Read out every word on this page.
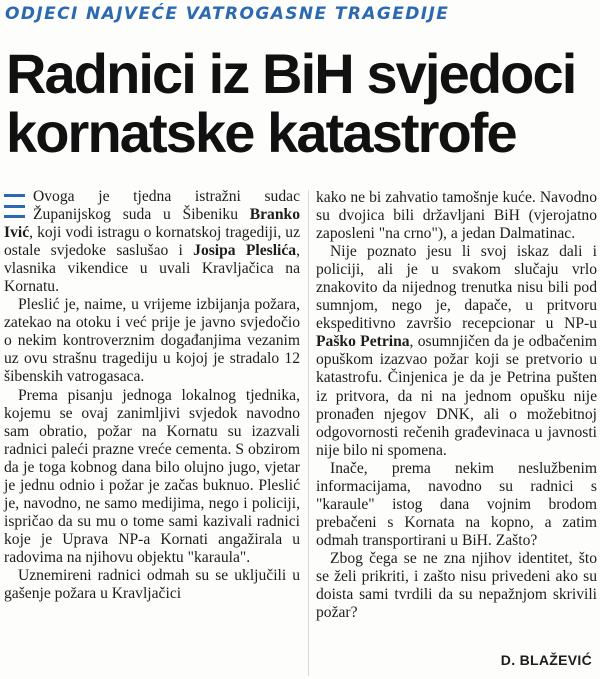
ODJECI NAJVEĆE VATROGASNE TRAGEDIJE
Radnici iz BiH svjedoci
kornatske katastrofe

Ovoga je tjedna istražni sudac Županijskog suda u Šibeniku Branko Ivić, koji vodi istragu o kornatskoj tragediji, uz ostale svjedoke saslušao i Josipa Pleslića, vlasnika vikendice u uvali Kravljačica na Kornatu.

Pleslić je, naime, u vrijeme izbijanja požara, zatekao na otoku i već prije je javno svjedočio o nekim kontroverznim događanjima vezanim uz ovu strašnu tragediju u kojoj je stradalo 12 šibenskih vatrogasaca.

Prema pisanju jednoga lokalnog tjednika, kojemu se ovaj zanimljivi svjedok navodno sam obratio, požar na Kornatu su izazvali radnici paleći prazne vreće cementa. S obzirom da je toga kobnog dana bilo olujno jugo, vjetar je jednu odnio i požar je začas buknuo. Pleslić je, navodno, ne samo medijima, nego i policiji, ispričao da su mu o tome sami kazivali radnici koje je Uprava NP-a Kornati angažirala u radovima na njihovu objektu "karaula".

Uznemireni radnici odmah su se uključili u gašenje požara u Kravljačici

kako ne bi zahvatio tamošnje kuće. Navodno su dvojica bili državljani BiH (vjerojatno zaposleni "na crno"), a jedan Dalmatinac.

Nije poznato jesu li svoj iskaz dali i policiji, ali je u svakom slučaju vrlo znakovito da nijednog trenutka nisu bili pod sumnjom, nego je, dapače, u pritvoru ekspeditivno završio recepcionar u NP-u Paško Petrina, osumnjičen da je odbačenim opuškom izazvao požar koji se pretvorio u katastrofu. Činjenica je da je Petrina pušten iz pritvora, da ni na jednom opušku nije pronađen njegov DNK, ali o možebitnoj odgovornosti rečenih građevinaca u javnosti nije bilo ni spomena.

Inače, prema nekim neslužbenim informacijama, navodno su radnici s "karaule" istog dana vojnim brodom prebačeni s Kornata na kopno, a zatim odmah transportirani u BiH. Zašto?

Zbog čega se ne zna njihov identitet, što se želi prikriti, i zašto nisu privedeni ako su doista sami tvrdili da su nepažnjom skrivili požar?

D. BLAŽEVIĆ
